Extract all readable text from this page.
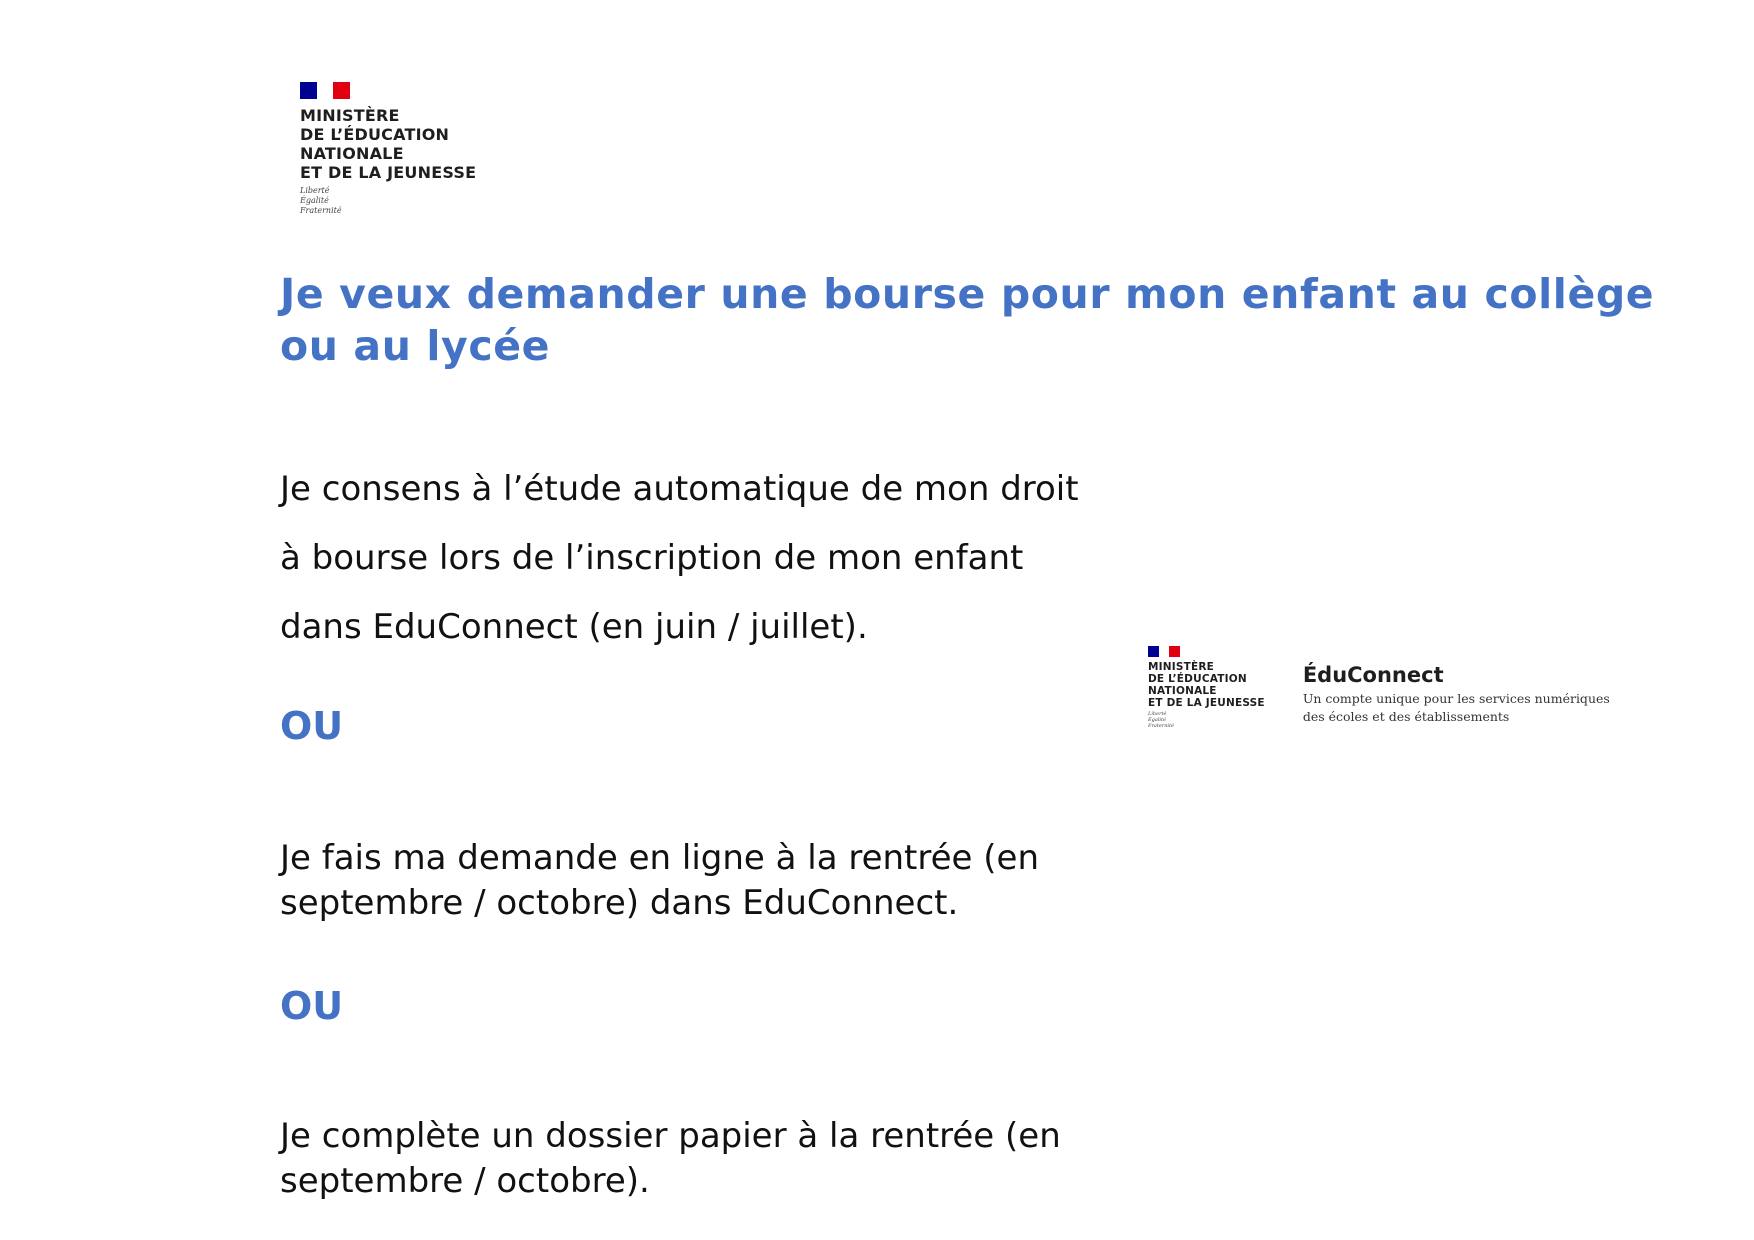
MINISTÈRE
DE L’ÉDUCATION
NATIONALE
ET DE LA JEUNESSE
Liberté
Égalité
Fraternité
Je veux demander une bourse pour mon enfant au collège ou au lycée
Je consens à l’étude automatique de mon droit
à bourse lors de l’inscription de mon enfant
dans EduConnect (en juin / juillet).
OU
Je fais ma demande en ligne à la rentrée (en
septembre / octobre) dans EduConnect.
OU
Je complète un dossier papier à la rentrée (en
septembre / octobre).
MINISTÈRE
DE L’ÉDUCATION
NATIONALE
ET DE LA JEUNESSE
Liberté
Égalité
Fraternité
ÉduConnect
Un compte unique pour les services numériques
des écoles et des établissements
